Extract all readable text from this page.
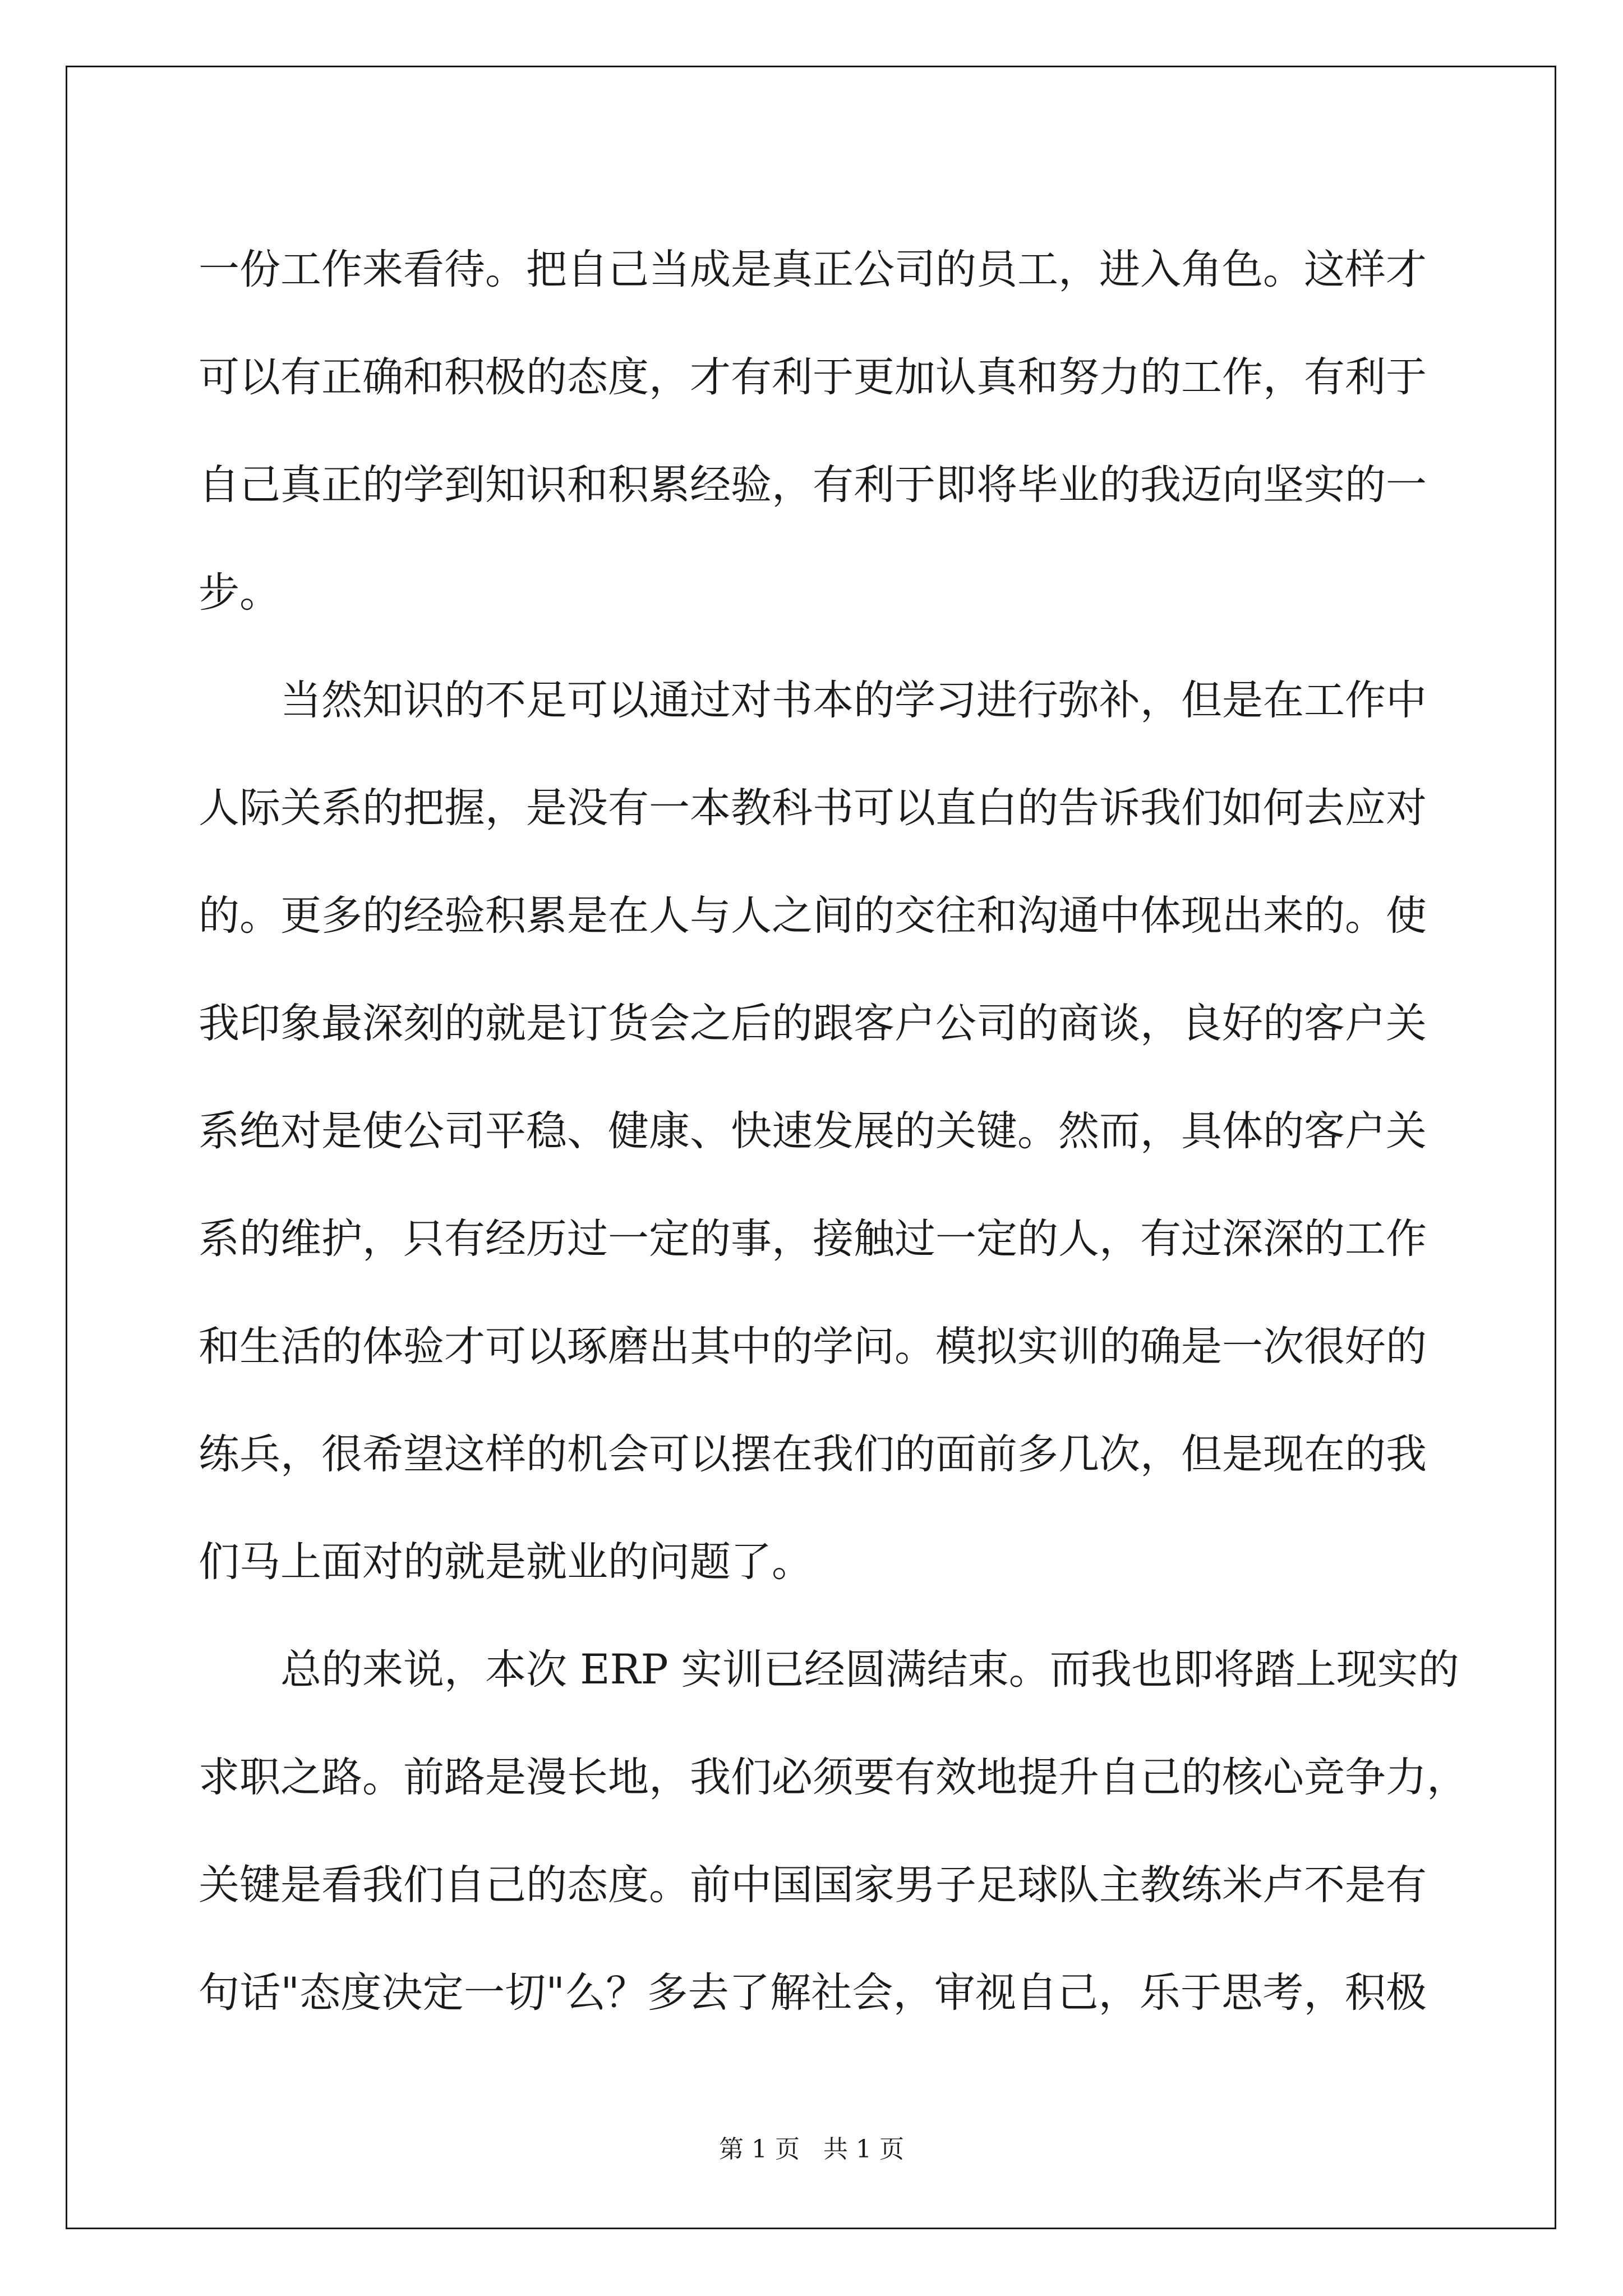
一份工作来看待。把自己当成是真正公司的员工，进入角色。这样才
可以有正确和积极的态度，才有利于更加认真和努力的工作，有利于
自己真正的学到知识和积累经验，有利于即将毕业的我迈向坚实的一
步。
当然知识的不足可以通过对书本的学习进行弥补，但是在工作中
人际关系的把握，是没有一本教科书可以直白的告诉我们如何去应对
的。更多的经验积累是在人与人之间的交往和沟通中体现出来的。使
我印象最深刻的就是订货会之后的跟客户公司的商谈，良好的客户关
系绝对是使公司平稳、健康、快速发展的关键。然而，具体的客户关
系的维护，只有经历过一定的事，接触过一定的人，有过深深的工作
和生活的体验才可以琢磨出其中的学问。模拟实训的确是一次很好的
练兵，很希望这样的机会可以摆在我们的面前多几次，但是现在的我
们马上面对的就是就业的问题了。
总的来说，本次 ERP 实训已经圆满结束。而我也即将踏上现实的
求职之路。前路是漫长地，我们必须要有效地提升自己的核心竞争力，
关键是看我们自己的态度。前中国国家男子足球队主教练米卢不是有
句话"态度决定一切"么？多去了解社会，审视自己，乐于思考，积极
第 1 页 共 1 页
